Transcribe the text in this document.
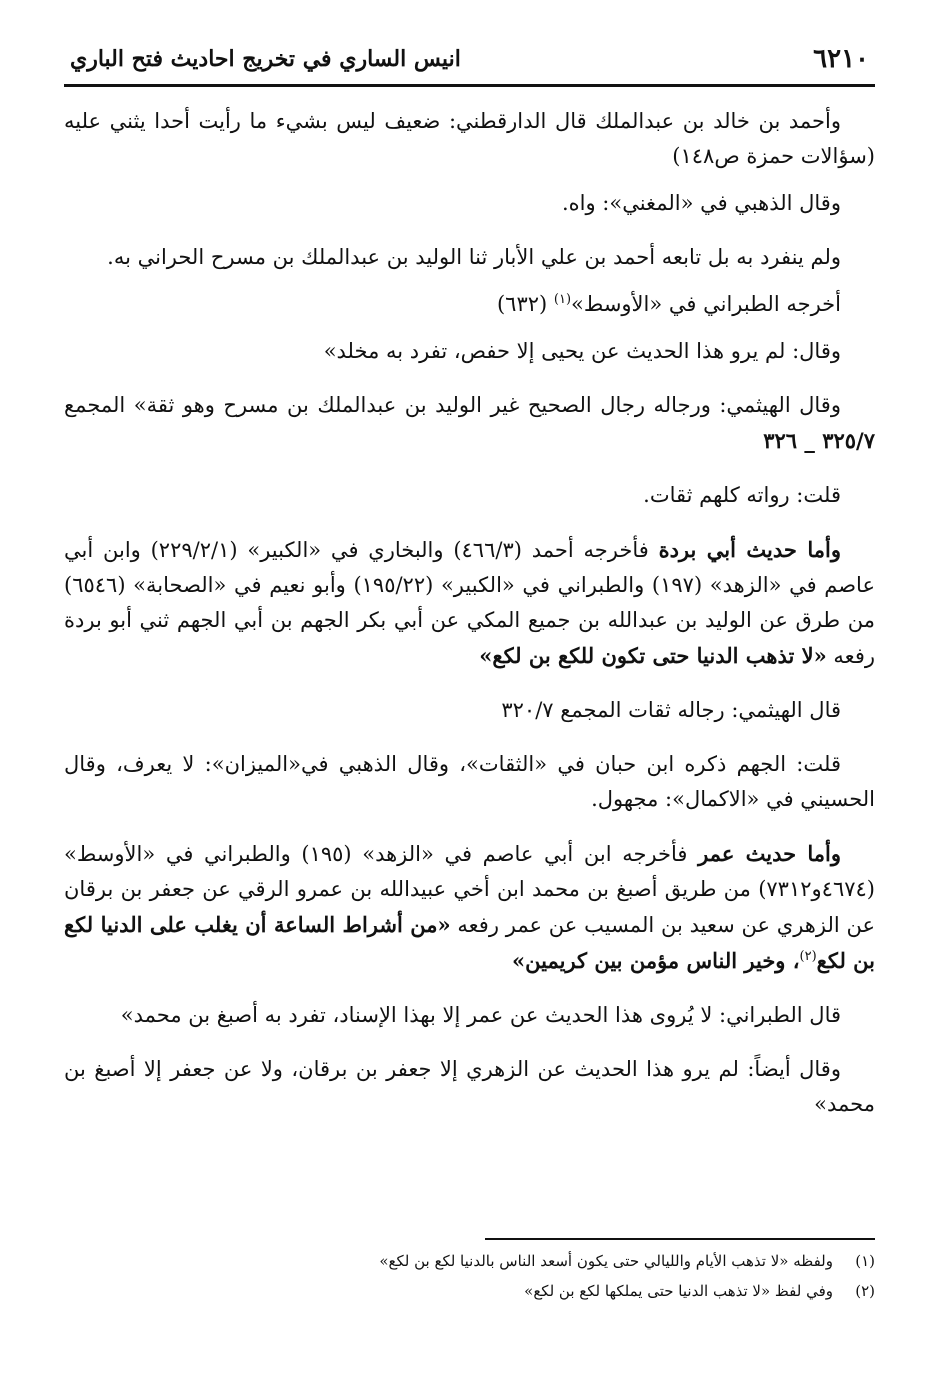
٦٢١٠
انيس الساري في تخريج احاديث فتح الباري

وأحمد بن خالد بن عبدالملك قال الدارقطني: ضعيف ليس بشيء ما رأيت أحدا يثني عليه (سؤالات حمزة ص١٤٨)

وقال الذهبي في «المغني»: واه.

ولم ينفرد به بل تابعه أحمد بن علي الأبار ثنا الوليد بن عبدالملك بن مسرح الحراني به.

أخرجه الطبراني في «الأوسط»$^{(١)}$ (٦٣٢)

وقال: لم يرو هذا الحديث عن يحيى إلا حفص، تفرد به مخلد»

وقال الهيثمي: ورجاله رجال الصحيح غير الوليد بن عبدالملك بن مسرح وهو ثقة» المجمع ٣٢٥/٧ _ ٣٢٦

قلت: رواته كلهم ثقات.

وأما حديث أبي بردة فأخرجه أحمد (٤٦٦/٣) والبخاري في «الكبير» (٢٢٩/٢/١) وابن أبي عاصم في «الزهد» (١٩٧) والطبراني في «الكبير» (١٩٥/٢٢) وأبو نعيم في «الصحابة» (٦٥٤٦) من طرق عن الوليد بن عبدالله بن جميع المكي عن أبي بكر الجهم بن أبي الجهم ثني أبو بردة رفعه «لا تذهب الدنيا حتى تكون للكع بن لكع»

قال الهيثمي: رجاله ثقات المجمع ٣٢٠/٧

قلت: الجهم ذكره ابن حبان في «الثقات»، وقال الذهبي في«الميزان»: لا يعرف، وقال الحسيني في «الاكمال»: مجهول.

وأما حديث عمر فأخرجه ابن أبي عاصم في «الزهد» (١٩٥) والطبراني في «الأوسط» (٤٦٧٤و٧٣١٢) من طريق أصبغ بن محمد ابن أخي عبيدالله بن عمرو الرقي عن جعفر بن برقان عن الزهري عن سعيد بن المسيب عن عمر رفعه «من أشراط الساعة أن يغلب على الدنيا لكع بن لكع$^{(٢)}$، وخير الناس مؤمن بين كريمين»

قال الطبراني: لا يُروى هذا الحديث عن عمر إلا بهذا الإسناد، تفرد به أصبغ بن محمد»

وقال أيضاً: لم يرو هذا الحديث عن الزهري إلا جعفر بن برقان، ولا عن جعفر إلا أصبغ بن محمد»

(١)
ولفظه «لا تذهب الأيام والليالي حتى يكون أسعد الناس بالدنيا لكع بن لكع»
(٢)
وفي لفظ «لا تذهب الدنيا حتى يملكها لكع بن لكع»
